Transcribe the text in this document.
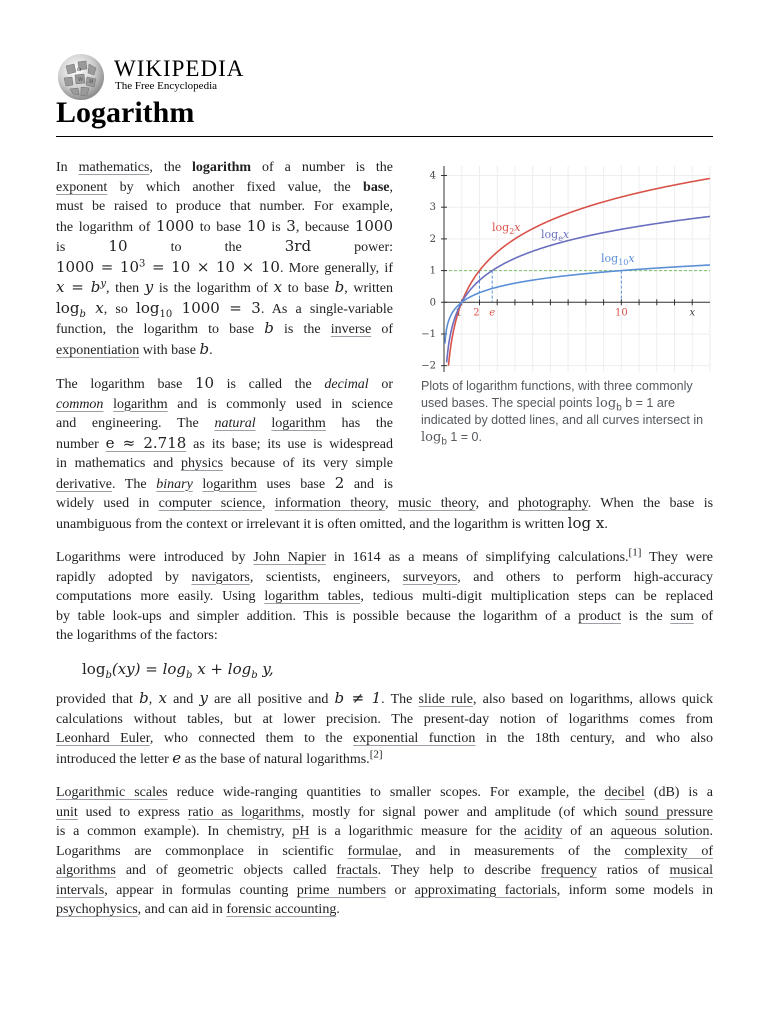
Ω
W И
WIKIPEDIA
The Free Encyclopedia
Logarithm
4
3
2
1
0
−1
−2
1 2 e	10	x
$\log_2x$
$\log_ex$
$\log_{10}x$
Plots of logarithm functions, with three commonly used bases. The special points $\log_b b = 1$ are indicated by dotted lines, and all curves intersect in $\log_b 1 = 0$.

In mathematics, the logarithm of a number is the
exponent by which another fixed value, the base,
must be raised to produce that number. For example,
the logarithm of 1000 to base 10 is 3, because 1000
is	10	to	the	3rd	power:
$1000 = 10^3 = 10 \times 10 \times 10$. More generally, if
$x = b^y$, then y is the logarithm of x to base b, written
$\log_b x$, so $\log_{10} 1000 = 3$. As a single-variable
function, the logarithm to base b is the inverse of
exponentiation with base b.

The logarithm base 10 is called the decimal or
common logarithm and is commonly used in science
and engineering. The natural logarithm has the
number e ≈ 2.718 as its base; its use is widespread
in mathematics and physics because of its very simple
derivative. The binary logarithm uses base 2 and is
widely used in computer science, information theory, music theory, and photography. When the base is
unambiguous from the context or irrelevant it is often omitted, and the logarithm is written log x.

Logarithms were introduced by John Napier in 1614 as a means of simplifying calculations.[1] They were
rapidly adopted by navigators, scientists, engineers, surveyors, and others to perform high-accuracy
computations more easily. Using logarithm tables, tedious multi-digit multiplication steps can be replaced
by table look-ups and simpler addition. This is possible because the logarithm of a product is the sum of
the logarithms of the factors:

$\log_b(xy) = \log_b x + \log_b y$,

provided that b, x and y are all positive and b ≠ 1. The slide rule, also based on logarithms, allows quick
calculations without tables, but at lower precision. The present-day notion of logarithms comes from
Leonhard Euler, who connected them to the exponential function in the 18th century, and who also
introduced the letter e as the base of natural logarithms.[2]

Logarithmic scales reduce wide-ranging quantities to smaller scopes. For example, the decibel (dB) is a
unit used to express ratio as logarithms, mostly for signal power and amplitude (of which sound pressure
is a common example). In chemistry, pH is a logarithmic measure for the acidity of an aqueous solution.
Logarithms are commonplace in scientific formulae, and in measurements of the complexity of
algorithms and of geometric objects called fractals. They help to describe frequency ratios of musical
intervals, appear in formulas counting prime numbers or approximating factorials, inform some models in
psychophysics, and can aid in forensic accounting.
